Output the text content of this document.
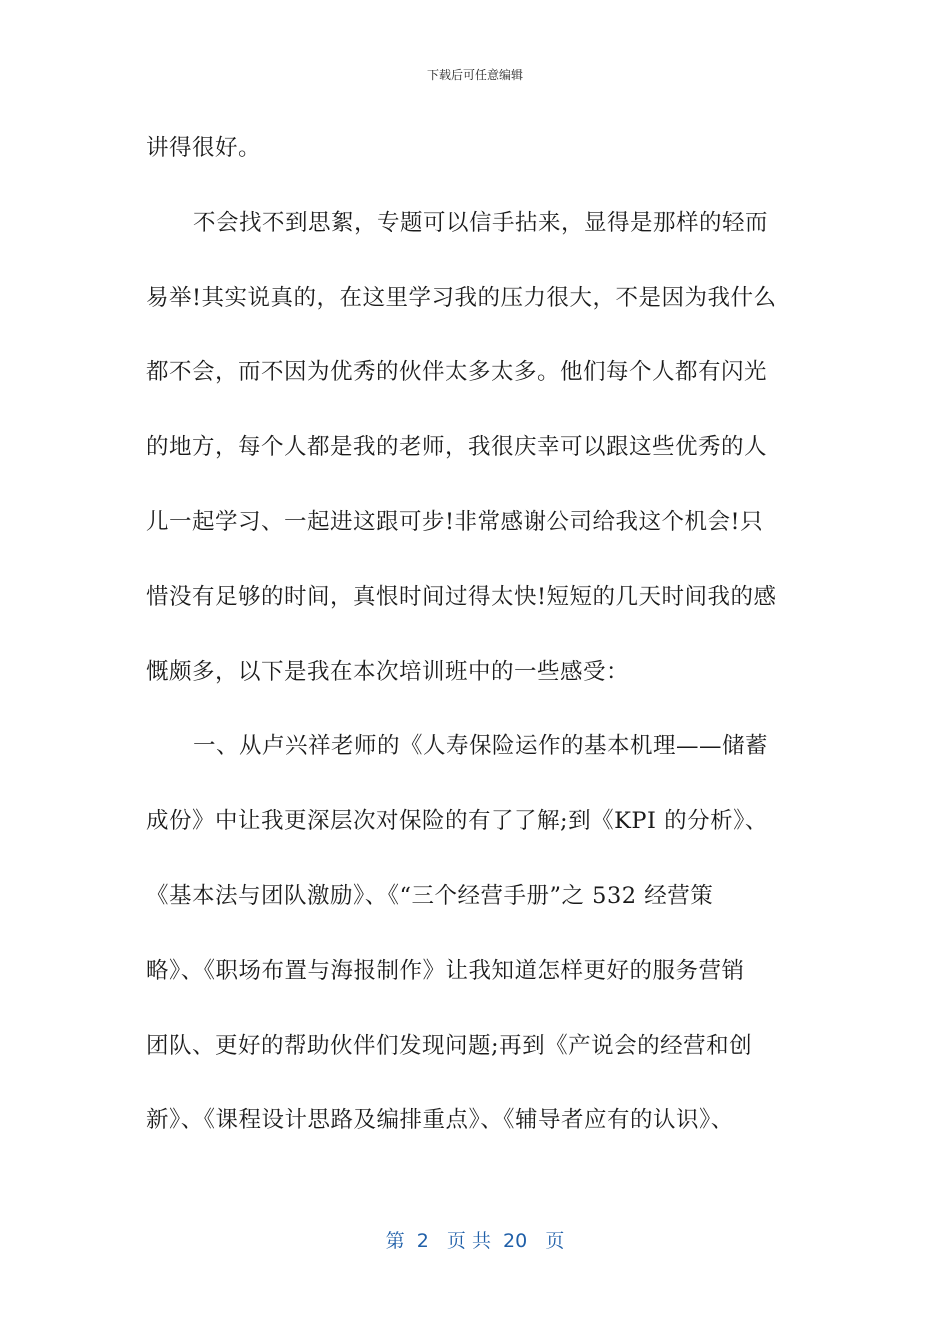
下载后可任意编辑
讲得很好。
不会找不到思絮，专题可以信手拈来，显得是那样的轻而
易举!其实说真的，在这里学习我的压力很大，不是因为我什么
都不会，而不因为优秀的伙伴太多太多。他们每个人都有闪光
的地方，每个人都是我的老师，我很庆幸可以跟这些优秀的人
儿一起学习、一起进这跟可步!非常感谢公司给我这个机会!只
惜没有足够的时间，真恨时间过得太快!短短的几天时间我的感
慨颇多，以下是我在本次培训班中的一些感受：
一、从卢兴祥老师的《人寿保险运作的基本机理——储蓄
成份》中让我更深层次对保险的有了了解;到《KPI 的分析》、
《基本法与团队激励》、《“三个经营手册”之 532 经营策
略》、《职场布置与海报制作》让我知道怎样更好的服务营销
团队、更好的帮助伙伴们发现问题;再到《产说会的经营和创
新》、《课程设计思路及编排重点》、《辅导者应有的认识》、
第  2   页 共  20   页
